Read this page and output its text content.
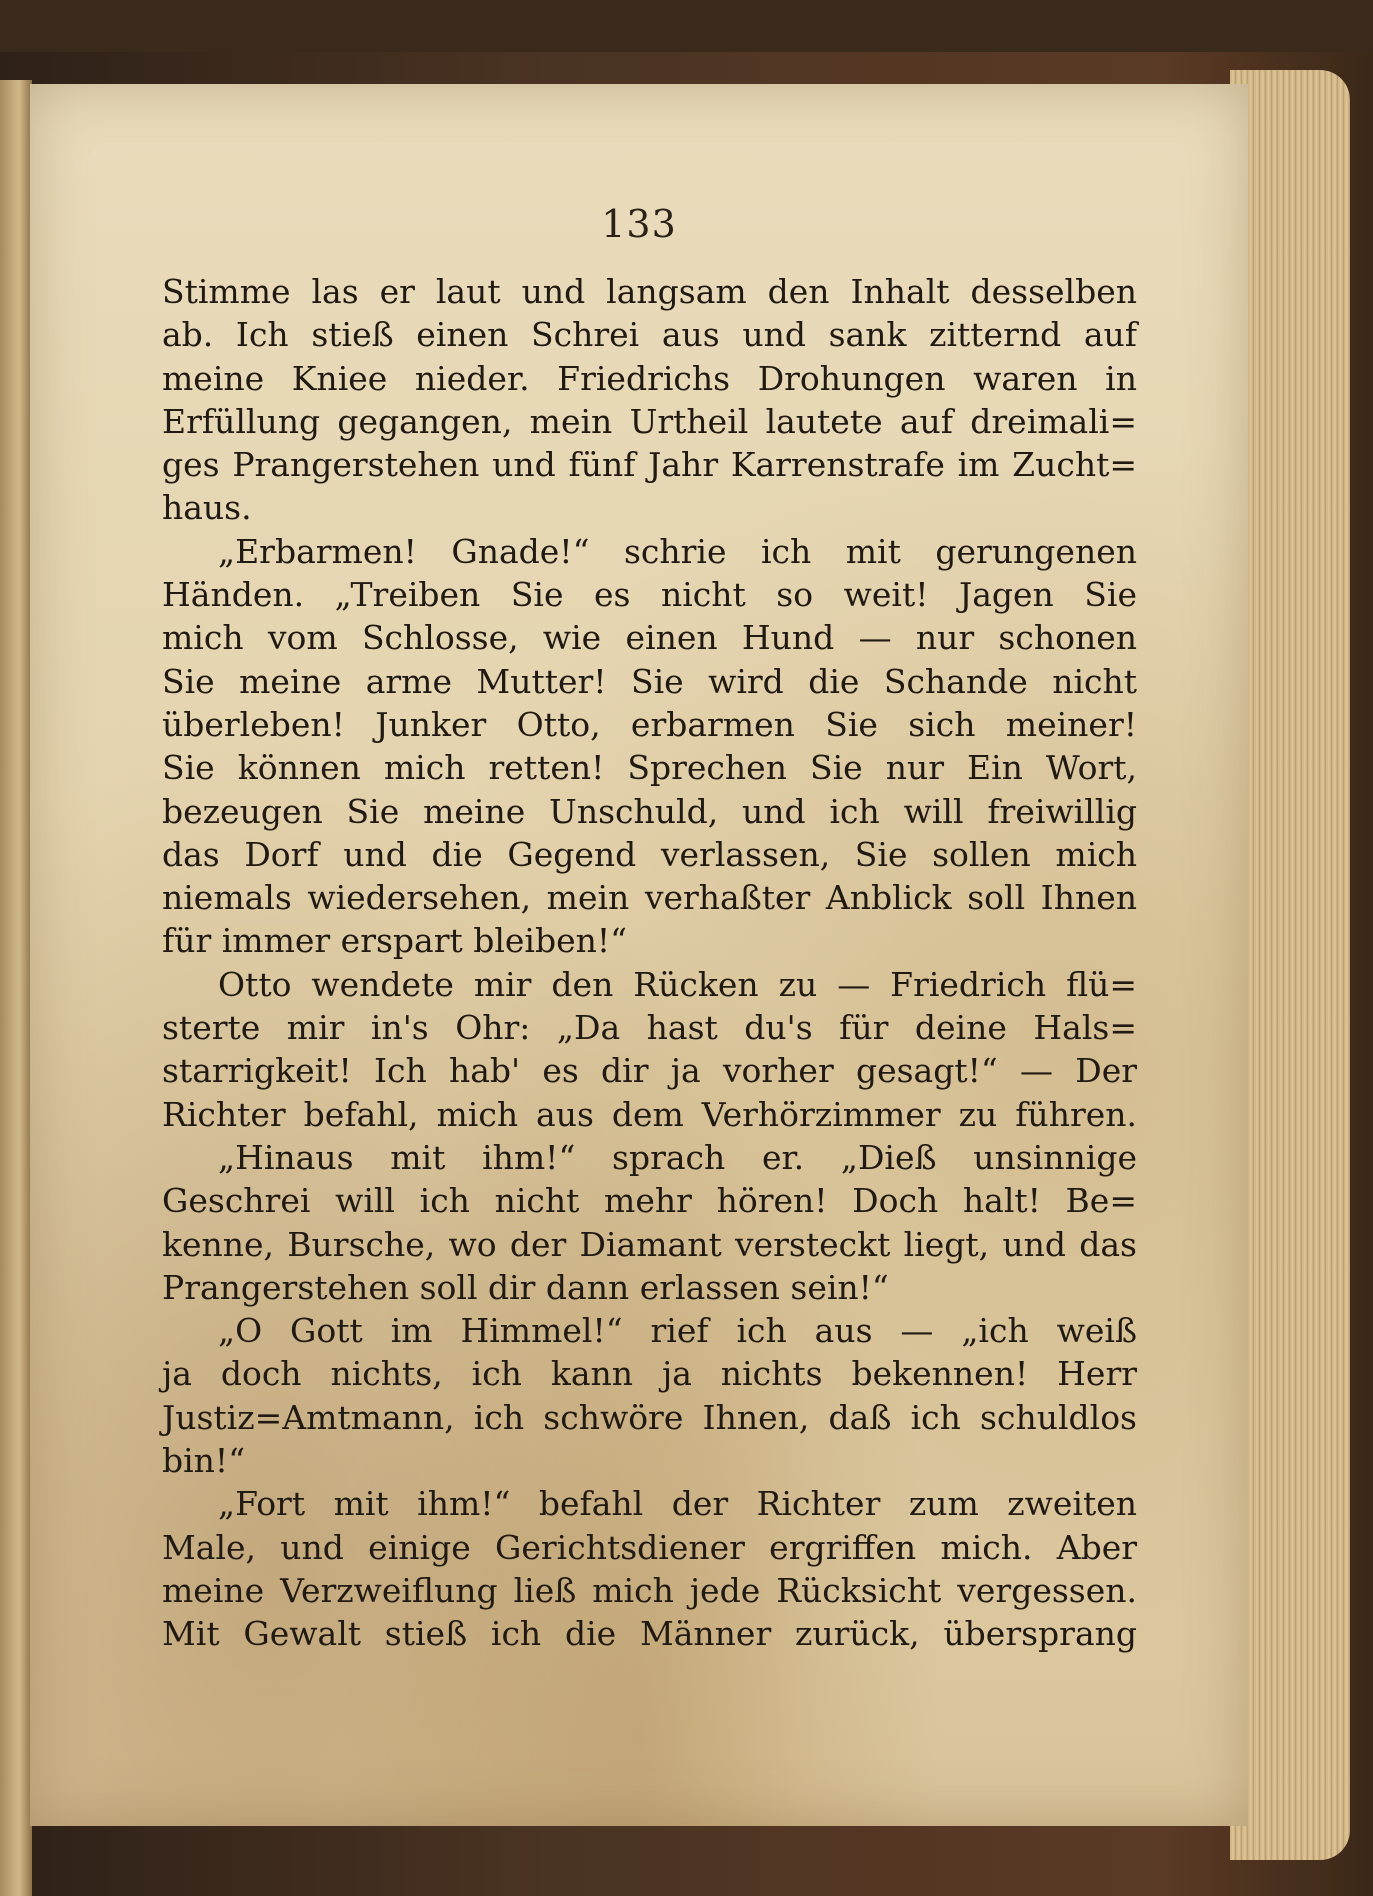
133
Stimme las er laut und langsam den Inhalt desselben
ab. Ich stieß einen Schrei aus und sank zitternd auf
meine Kniee nieder. Friedrichs Drohungen waren in
Erfüllung gegangen, mein Urtheil lautete auf dreimali=
ges Prangerstehen und fünf Jahr Karrenstrafe im Zucht=
haus.
„Erbarmen! Gnade!“ schrie ich mit gerungenen
Händen. „Treiben Sie es nicht so weit! Jagen Sie
mich vom Schlosse, wie einen Hund — nur schonen
Sie meine arme Mutter! Sie wird die Schande nicht
überleben! Junker Otto, erbarmen Sie sich meiner!
Sie können mich retten! Sprechen Sie nur Ein Wort,
bezeugen Sie meine Unschuld, und ich will freiwillig
das Dorf und die Gegend verlassen, Sie sollen mich
niemals wiedersehen, mein verhaßter Anblick soll Ihnen
für immer erspart bleiben!“
Otto wendete mir den Rücken zu — Friedrich flü=
sterte mir in's Ohr: „Da hast du's für deine Hals=
starrigkeit! Ich hab' es dir ja vorher gesagt!“ — Der
Richter befahl, mich aus dem Verhörzimmer zu führen.
„Hinaus mit ihm!“ sprach er. „Dieß unsinnige
Geschrei will ich nicht mehr hören! Doch halt! Be=
kenne, Bursche, wo der Diamant versteckt liegt, und das
Prangerstehen soll dir dann erlassen sein!“
„O Gott im Himmel!“ rief ich aus — „ich weiß
ja doch nichts, ich kann ja nichts bekennen! Herr
Justiz=Amtmann, ich schwöre Ihnen, daß ich schuldlos
bin!“
„Fort mit ihm!“ befahl der Richter zum zweiten
Male, und einige Gerichtsdiener ergriffen mich. Aber
meine Verzweiflung ließ mich jede Rücksicht vergessen.
Mit Gewalt stieß ich die Männer zurück, übersprang
